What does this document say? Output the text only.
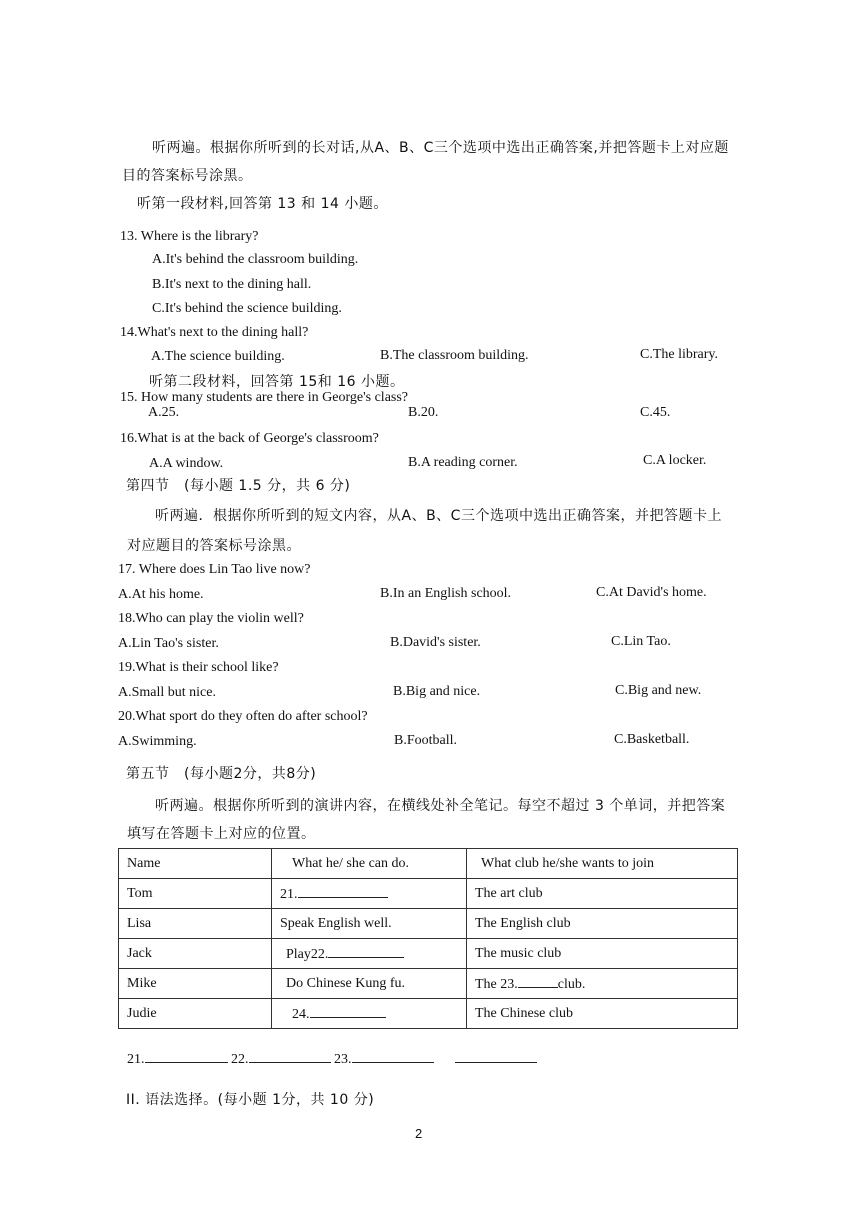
听两遍。根据你所听到的长对话,从A、B、C三个选项中选出正确答案,并把答题卡上对应题
目的答案标号涂黑。
听第一段材料,回答第 13 和 14 小题。
13. Where is the library?
A.It's behind the classroom building.
B.It's next to the dining hall.
C.It's behind the science building.
14.What's next to the dining hall?
A.The science building.	B.The classroom building.	C.The library.
听第二段材料，回答第 15和 16 小题。
15. How many students are there in George's class?
A.25.	B.20.	C.45.
16.What is at the back of George's classroom?
A.A window.	B.A reading corner.	C.A locker.
第四节　(每小题 1.5 分，共 6 分)
听两遍．根据你所听到的短文内容，从A、B、C三个选项中选出正确答案，并把答题卡上
对应题目的答案标号涂黑。
17. Where does Lin Tao live now?
A.At his home.	B.In an English school.	C.At David's home.
18.Who can play the violin well?
A.Lin Tao's sister.	B.David's sister.	C.Lin Tao.
19.What is their school like?
A.Small but nice.	B.Big and nice.	C.Big and new.
20.What sport do they often do after school?
A.Swimming.	B.Football.	C.Basketball.
第五节　(每小题2分，共8分)
听两遍。根据你所听到的演讲内容，在横线处补全笔记。每空不超过 3 个单词，并把答案
填写在答题卡上对应的位置。
Name	What he/ she can do.	What club he/she wants to join
Tom	21.	The art club
Lisa	Speak English well.	The English club
Jack	Play22.	The music club
Mike	Do Chinese Kung fu.	The 23. club.
Judie	24.	The Chinese club
21.	22.	23.
II. 语法选择。(每小题 1分，共 10 分)
2
